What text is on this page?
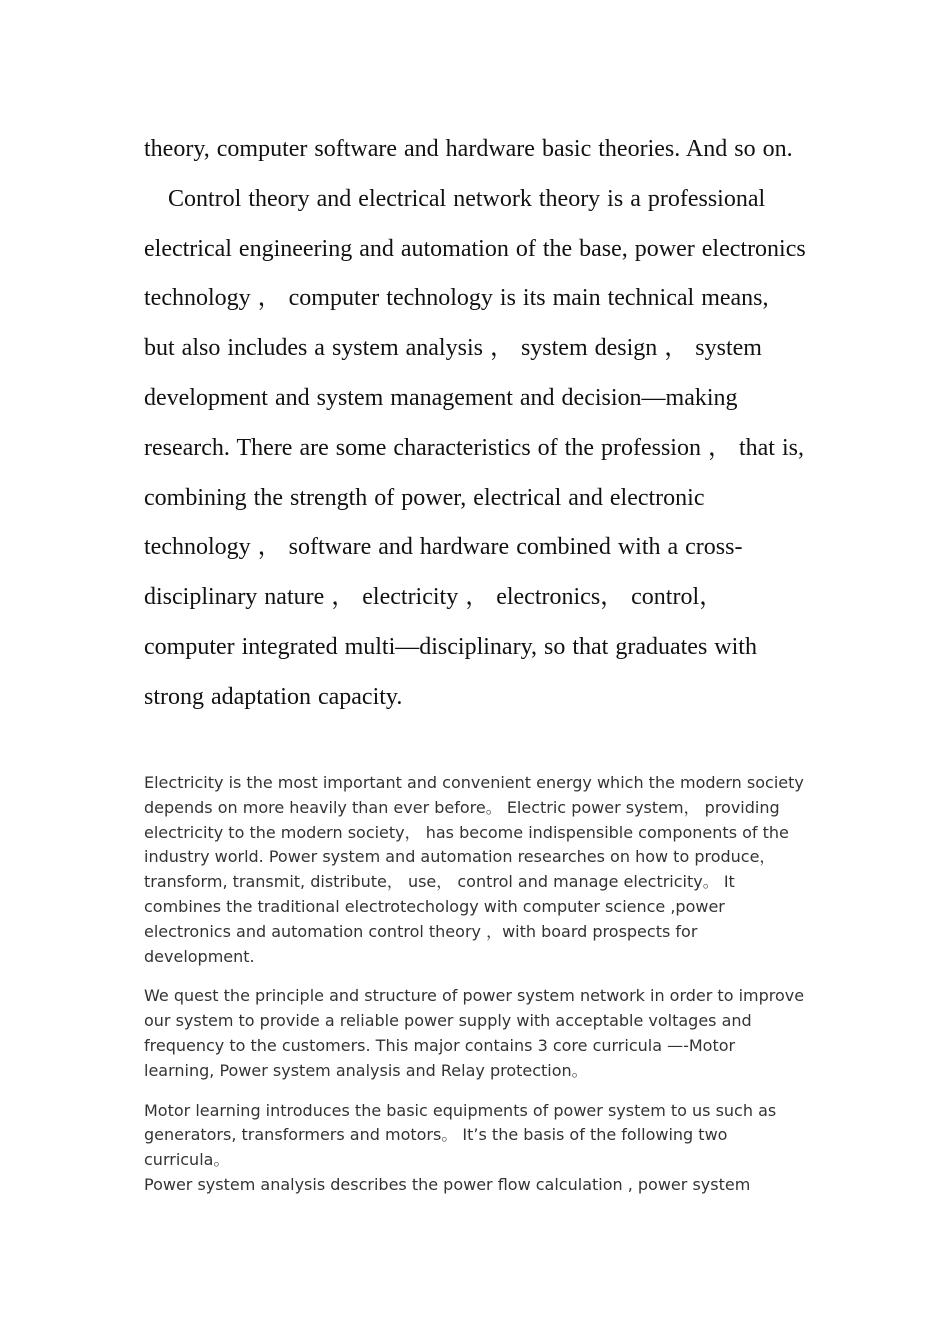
theory, computer software and hardware basic theories. And so on.

Control theory and electrical network theory is a professional electrical engineering and automation of the base, power electronics technology ， computer technology is its main technical means, but also includes a system analysis ， system design ， system development and system management and decision—making research. There are some characteristics of the profession ， that is, combining the strength of power, electrical and electronic technology ， software and hardware combined with a cross-disciplinary nature ， electricity ， electronics， control， computer integrated multi—disciplinary, so that graduates with strong adaptation capacity.

Electricity is the most important and convenient energy which the modern society depends on more heavily than ever before。 Electric power system， providing electricity to the modern society， has become indispensible components of the industry world. Power system and automation researches on how to produce， transform, transmit, distribute， use， control and manage electricity。 It combines the traditional electrotechology with computer science ,power electronics and automation control theory ，with board prospects for development.

We quest the principle and structure of power system network in order to improve our system to provide a reliable power supply with acceptable voltages and frequency to the customers. This major contains 3 core curricula —-Motor learning, Power system analysis and Relay protection。

Motor learning introduces the basic equipments of power system to us such as generators, transformers and motors。 It’s the basis of the following two curricula。

Power system analysis describes the power flow calculation , power system
